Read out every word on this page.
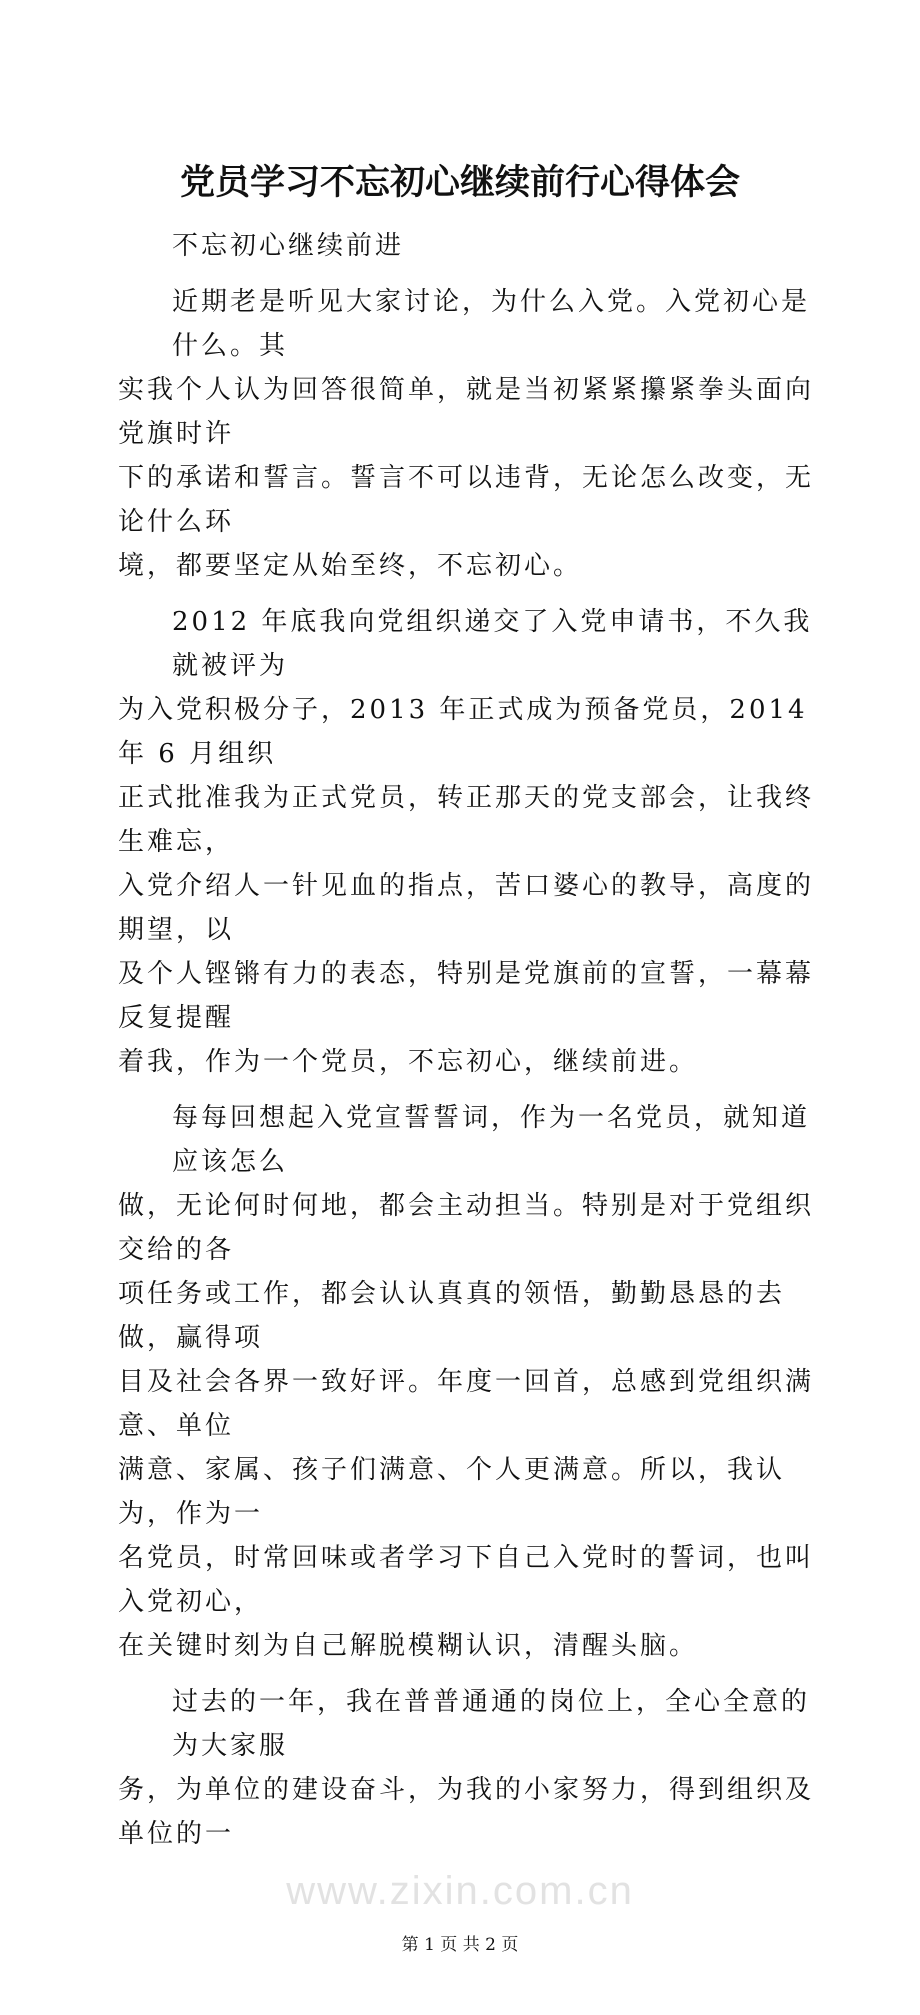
党员学习不忘初心继续前行心得体会
不忘初心继续前进
近期老是听见大家讨论，为什么入党。入党初心是什么。其
实我个人认为回答很简单，就是当初紧紧攥紧拳头面向党旗时许
下的承诺和誓言。誓言不可以违背，无论怎么改变，无论什么环
境，都要坚定从始至终，不忘初心。
2012 年底我向党组织递交了入党申请书，不久我就被评为
为入党积极分子，2013 年正式成为预备党员，2014 年 6 月组织
正式批准我为正式党员，转正那天的党支部会，让我终生难忘，
入党介绍人一针见血的指点，苦口婆心的教导，高度的期望，以
及个人铿锵有力的表态，特别是党旗前的宣誓，一幕幕反复提醒
着我，作为一个党员，不忘初心，继续前进。
每每回想起入党宣誓誓词，作为一名党员，就知道应该怎么
做，无论何时何地，都会主动担当。特别是对于党组织交给的各
项任务或工作，都会认认真真的领悟，勤勤恳恳的去做，赢得项
目及社会各界一致好评。年度一回首，总感到党组织满意、单位
满意、家属、孩子们满意、个人更满意。所以，我认为，作为一
名党员，时常回味或者学习下自己入党时的誓词，也叫入党初心，
在关键时刻为自己解脱模糊认识，清醒头脑。
过去的一年，我在普普通通的岗位上，全心全意的为大家服
务，为单位的建设奋斗，为我的小家努力，得到组织及单位的一
www.zixin.com.cn
第 1 页 共 2 页
